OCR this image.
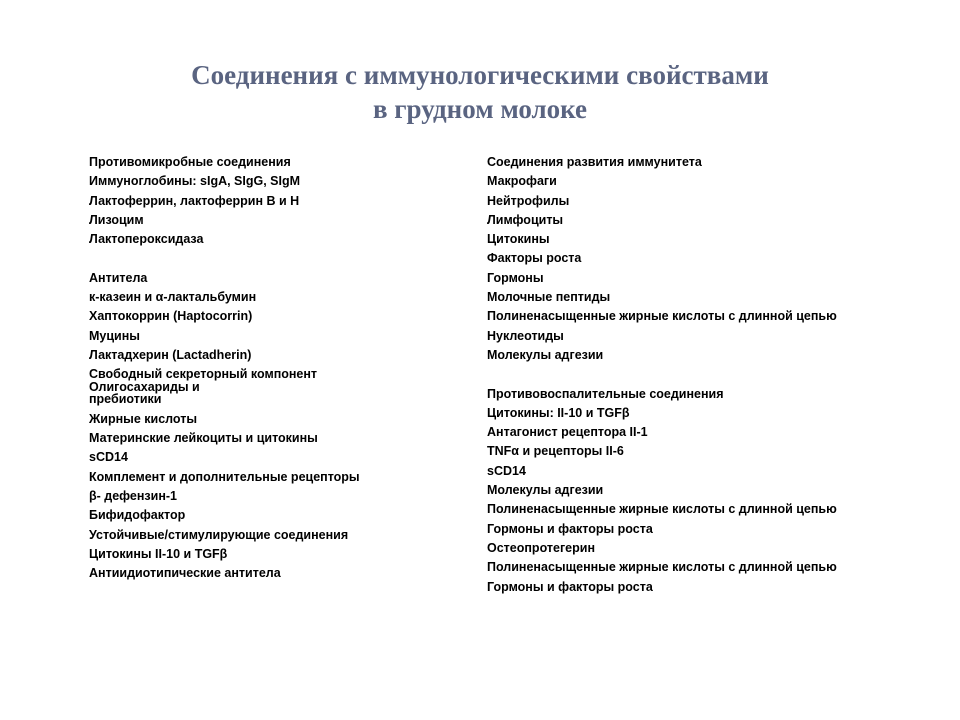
Соединения с иммунологическими свойствами
в грудном молоке
Противомикробные соединения
Иммуноглобины: sIgA, SIgG, SIgM
Лактоферрин, лактоферрин B и H
Лизоцим
Лактопероксидаза
Антитела
к-казеин и α-лактальбумин
Хаптокоррин (Haptocorrin)
Муцины
Лактадхерин (Lactadherin)
Свободный секреторный компонент
Олигосахариды и
пребиотики
Жирные кислоты
Материнские лейкоциты и цитокины
sCD14
Комплемент и дополнительные рецепторы
β- дефензин-1
Бифидофактор
Устойчивые/стимулирующие соединения
Цитокины II-10 и TGFβ
Антиидиотипические антитела
Соединения развития иммунитета
Макрофаги
Нейтрофилы
Лимфоциты
Цитокины
Факторы роста
Гормоны
Молочные пептиды
Полиненасыщенные жирные кислоты с длинной цепью
Нуклеотиды
Молекулы адгезии
Противовоспалительные соединения
Цитокины: II-10 и TGFβ
Антагонист рецептора II-1
TNFα и рецепторы II-6
sCD14
Молекулы адгезии
Полиненасыщенные жирные кислоты с длинной цепью
Гормоны и факторы роста
Остеопротегерин
Полиненасыщенные жирные кислоты с длинной цепью
Гормоны и факторы роста
